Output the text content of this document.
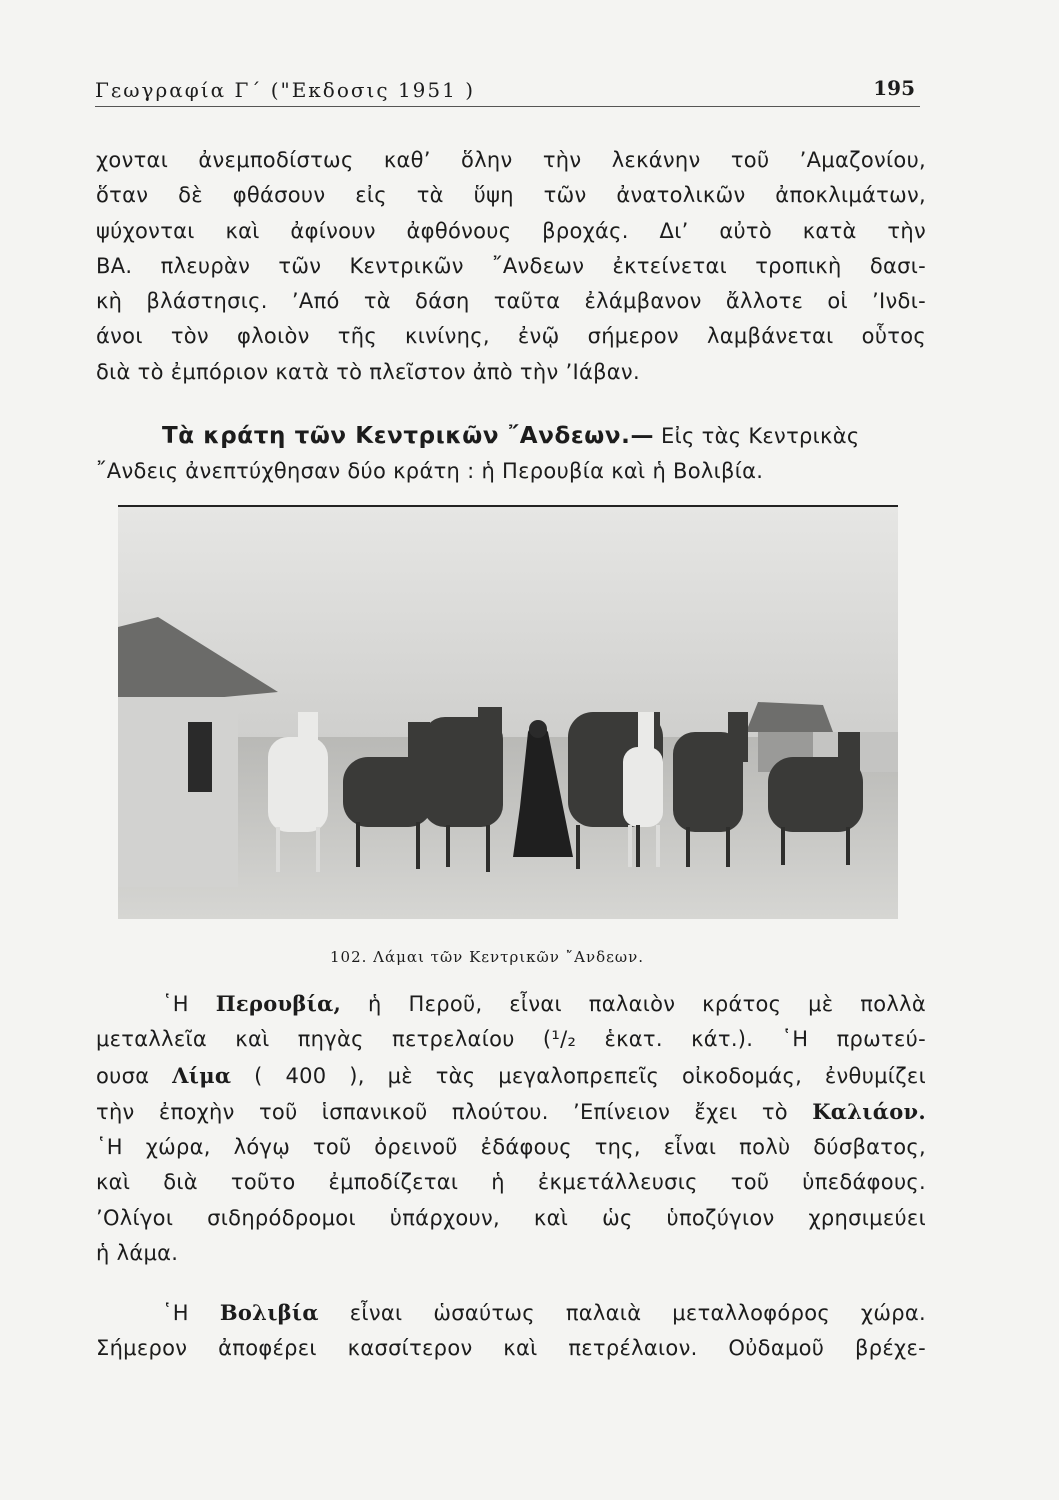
Γεωγραφία Γ΄ ("Εκδοσις 1951 )	195
χονται ἀνεμποδίστως καθ’ ὅλην τὴν λεκάνην τοῦ ’Αμαζονίου,
ὅταν δὲ φθάσουν εἰς τὰ ὕψη τῶν ἀνατολικῶν ἀποκλιμάτων,
ψύχονται καὶ ἀφίνουν ἀφθόνους βροχάς. Δι’ αὐτὸ κατὰ τὴν
ΒΑ. πλευρὰν τῶν Κεντρικῶν ῎Ανδεων ἐκτείνεται τροπικὴ δασι-
κὴ βλάστησις. ’Από τὰ δάση ταῦτα ἐλάμβανον ἄλλοτε οἱ ’Ινδι-
άνοι τὸν φλοιὸν τῆς κινίνης, ἐνῷ σήμερον λαμβάνεται οὗτος
διὰ τὸ ἐμπόριον κατὰ τὸ πλεῖστον ἀπὸ τὴν ’Ιάβαν.
Τὰ κράτη τῶν Κεντρικῶν ῎Ανδεων.— Εἰς τὰς Κεντρικὰς
῎Ανδεις ἀνεπτύχθησαν δύο κράτη : ἡ Περουβία καὶ ἡ Βολιβία.
102. Λάμαι τῶν Κεντρικῶν ῎Ανδεων.
῾Η Περουβία, ἡ Περοῦ, εἶναι παλαιὸν κράτος μὲ πολλὰ
μεταλλεῖα καὶ πηγὰς πετρελαίου (¹/₂ ἑκατ. κάτ.). ῾Η πρωτεύ-
ουσα Λίμα ( 400 ), μὲ τὰς μεγαλοπρεπεῖς οἰκοδομάς, ἐνθυμίζει
τὴν ἐποχὴν τοῦ ἱσπανικοῦ πλούτου. ’Επίνειον ἔχει τὸ Καλιάον.
῾Η χώρα, λόγῳ τοῦ ὀρεινοῦ ἐδάφους της, εἶναι πολὺ δύσβατος,
καὶ διὰ τοῦτο ἐμποδίζεται ἡ ἐκμετάλλευσις τοῦ ὑπεδάφους.
’Ολίγοι σιδηρόδρομοι ὑπάρχουν, καὶ ὡς ὑποζύγιον χρησιμεύει
ἡ λάμα.
῾Η Βολιβία εἶναι ὡσαύτως παλαιὰ μεταλλοφόρος χώρα.
Σήμερον ἀποφέρει κασσίτερον καὶ πετρέλαιον. Οὐδαμοῦ βρέχε-
